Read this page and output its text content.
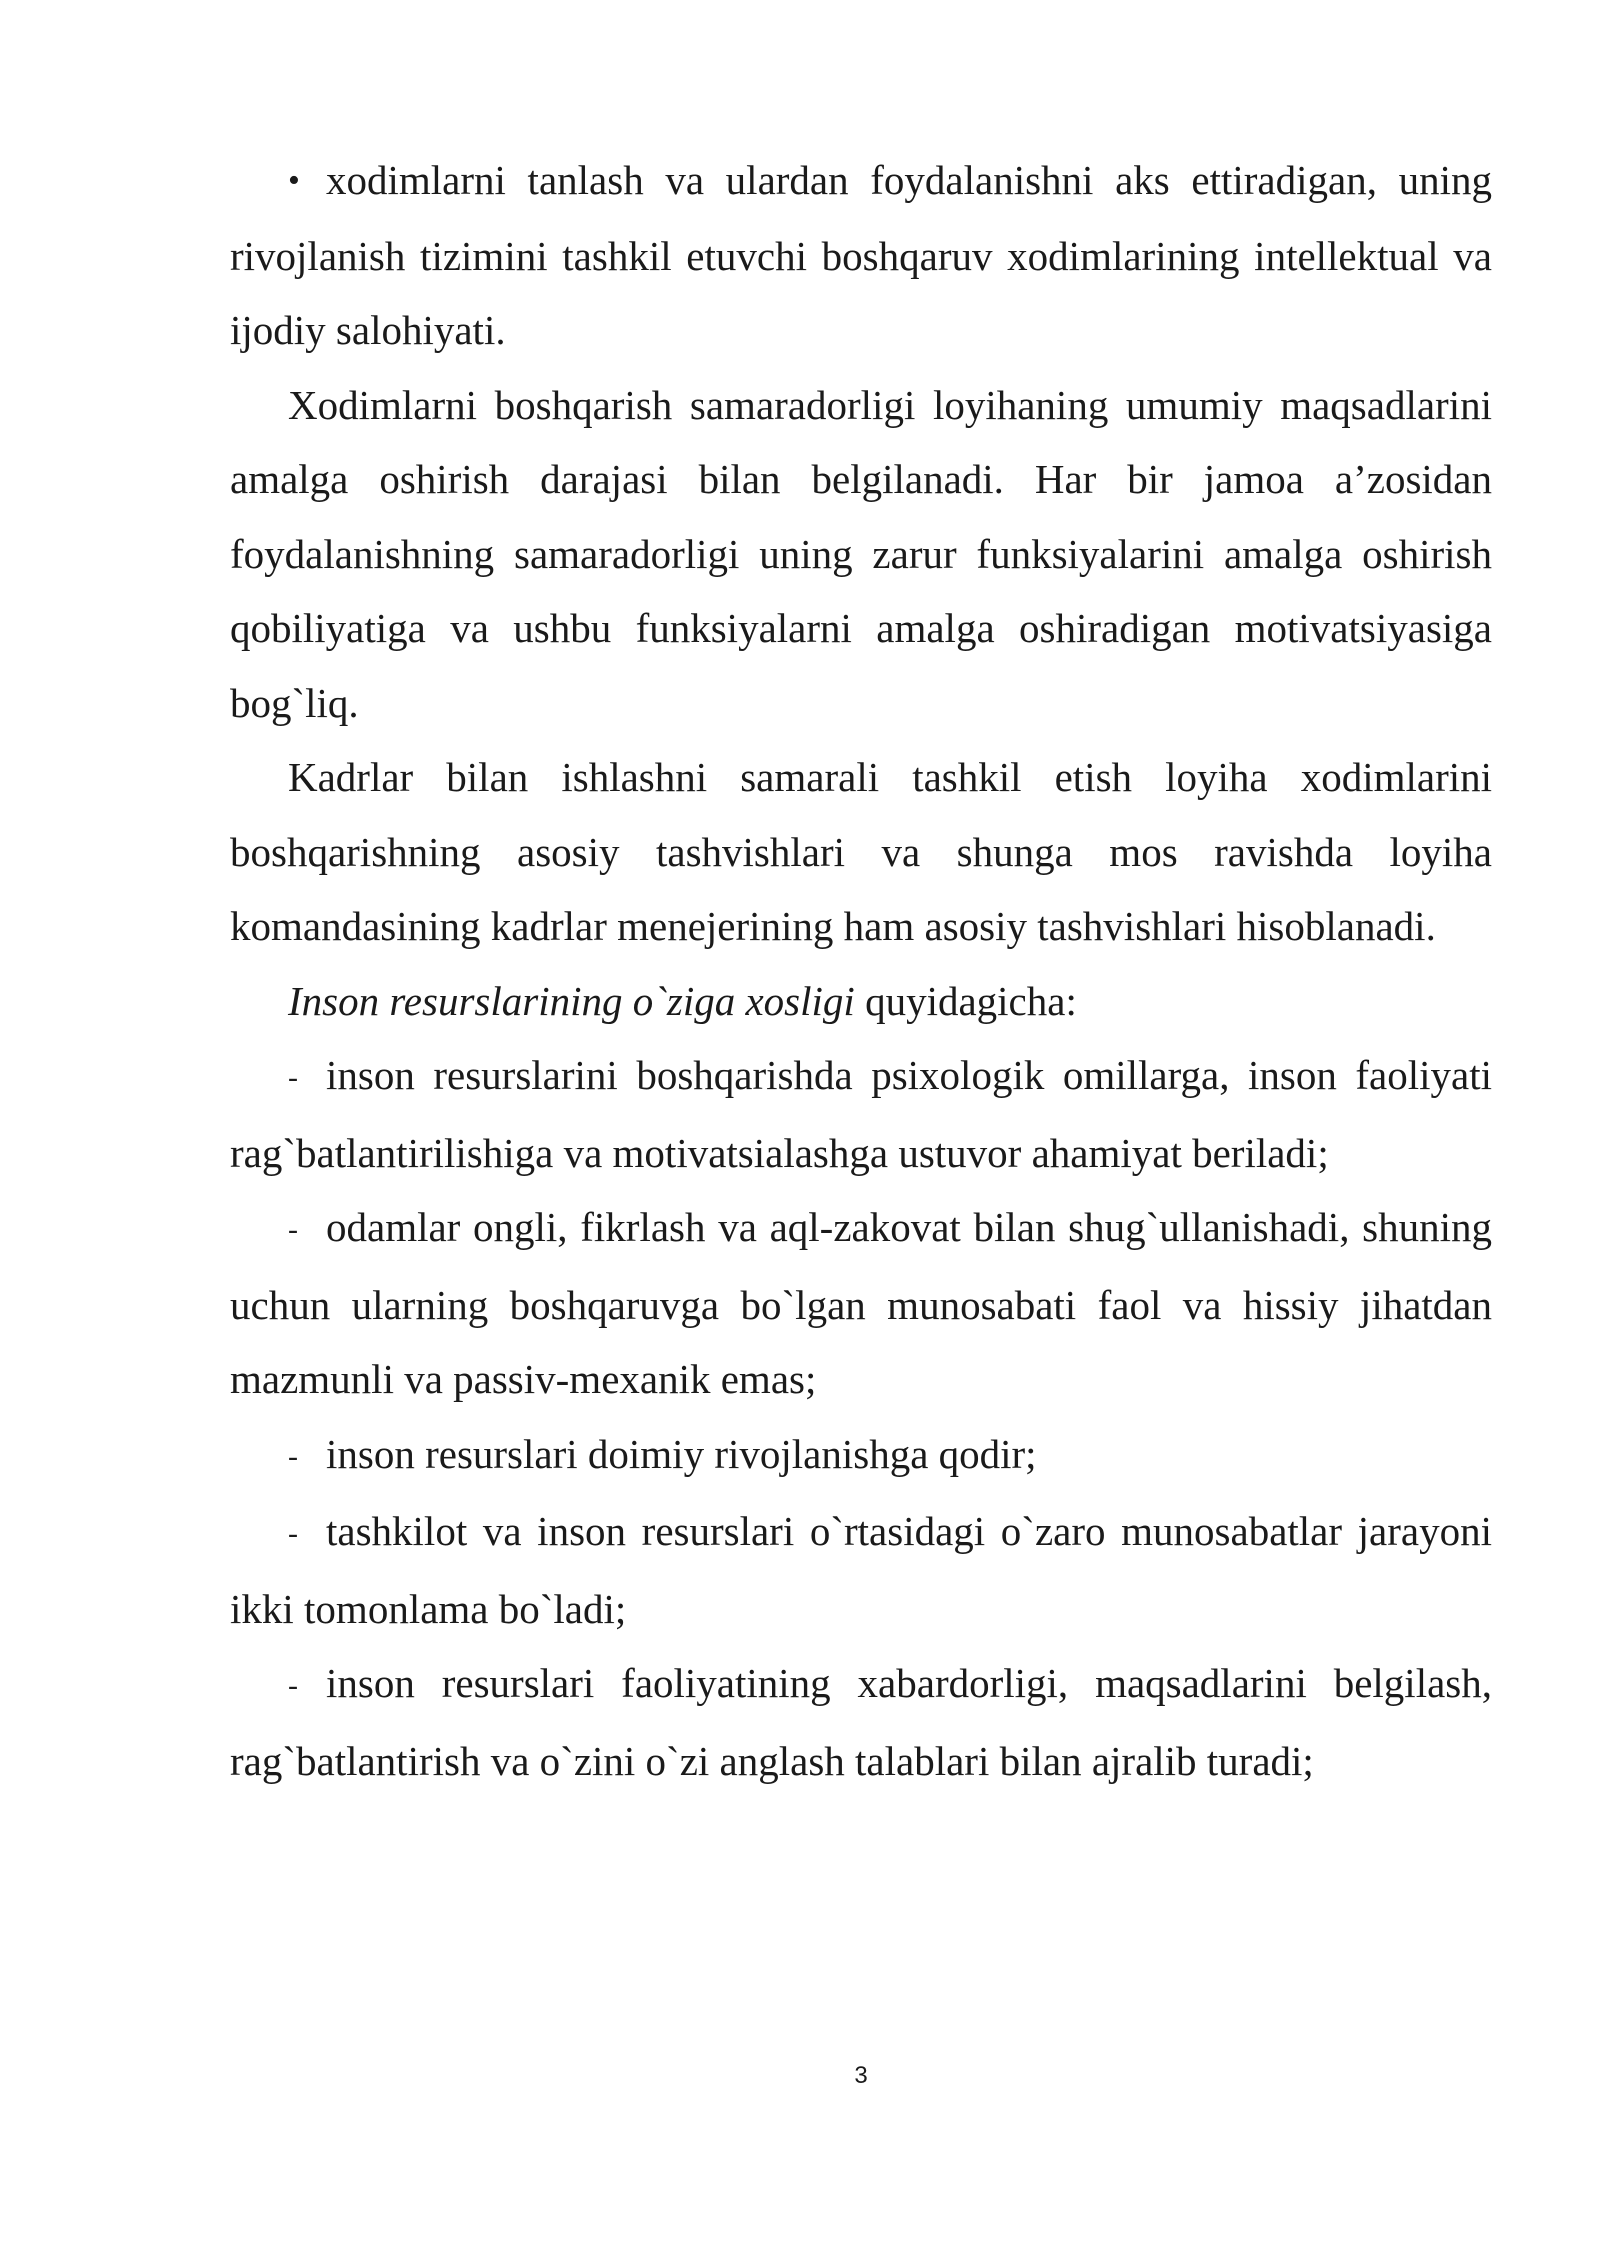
• xodimlarni tanlash va ulardan foydalanishni aks ettiradigan, uning rivojlanish tizimini tashkil etuvchi boshqaruv xodimlarining intellektual va ijodiy salohiyati.

Xodimlarni boshqarish samaradorligi loyihaning umumiy maqsadlarini amalga oshirish darajasi bilan belgilanadi. Har bir jamoa a’zosidan foydalanishning samaradorligi uning zarur funksiyalarini amalga oshirish qobiliyatiga va ushbu funksiyalarni amalga oshiradigan motivatsiyasiga bog`liq.

Kadrlar bilan ishlashni samarali tashkil etish loyiha xodimlarini boshqarishning asosiy tashvishlari va shunga mos ravishda loyiha komandasining kadrlar menejerining ham asosiy tashvishlari hisoblanadi.

Inson resurslarining o`ziga xosligi quyidagicha:

- inson resurslarini boshqarishda psixologik omillarga, inson faoliyati rag`batlantirilishiga va motivatsialashga ustuvor ahamiyat beriladi;

- odamlar ongli, fikrlash va aql-zakovat bilan shug`ullanishadi, shuning uchun ularning boshqaruvga bo`lgan munosabati faol va hissiy jihatdan mazmunli va passiv-mexanik emas;

- inson resurslari doimiy rivojlanishga qodir;

- tashkilot va inson resurslari o`rtasidagi o`zaro munosabatlar jarayoni ikki tomonlama bo`ladi;

- inson resurslari faoliyatining xabardorligi, maqsadlarini belgilash, rag`batlantirish va o`zini o`zi anglash talablari bilan ajralib turadi;

3
